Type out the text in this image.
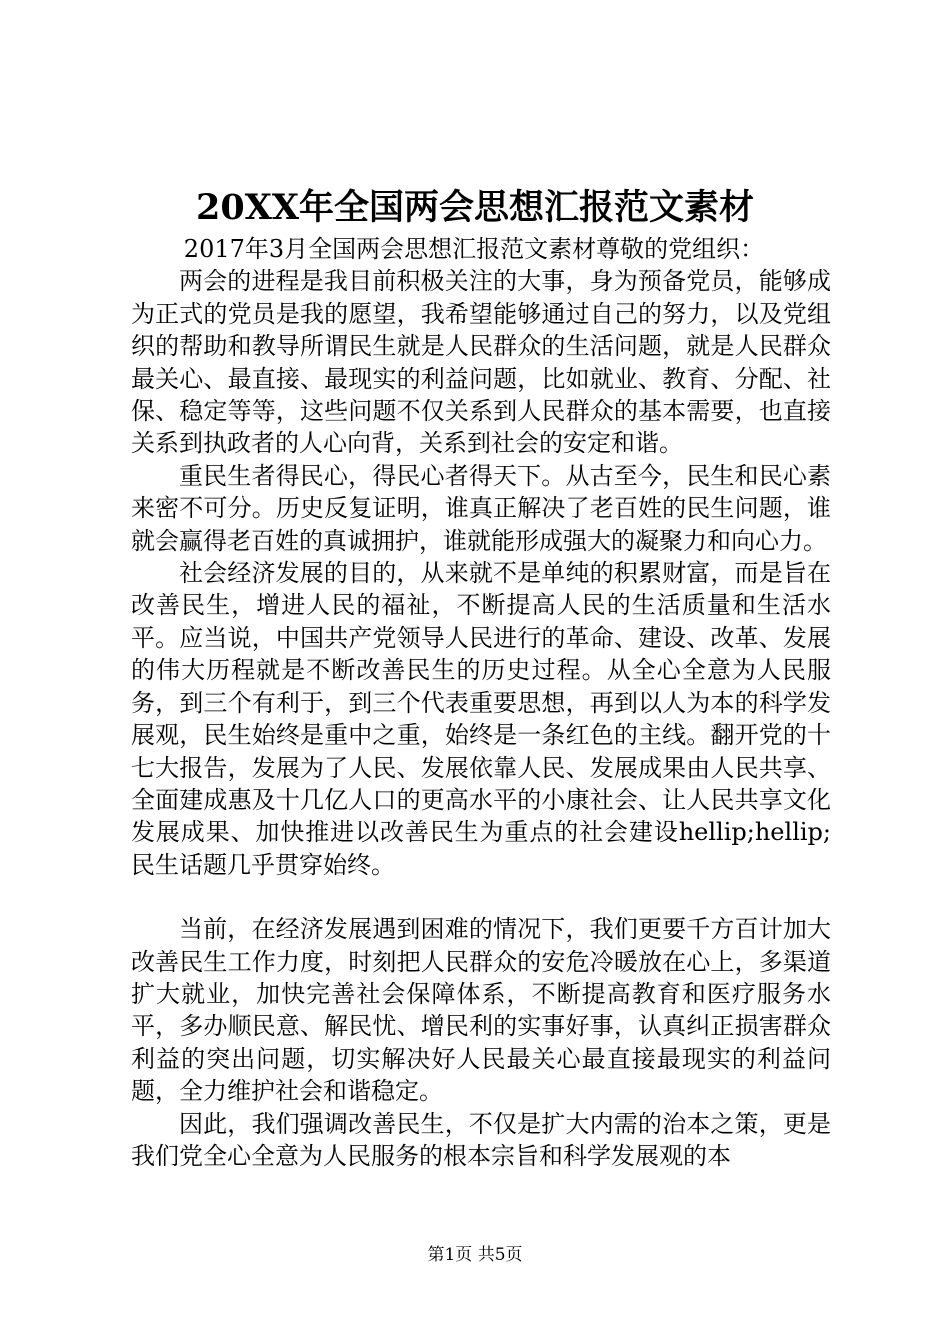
20XX年全国两会思想汇报范文素材

2017年3月全国两会思想汇报范文素材尊敬的党组织：

两会的进程是我目前积极关注的大事，身为预备党员，能够成为正式的党员是我的愿望，我希望能够通过自己的努力，以及党组织的帮助和教导所谓民生就是人民群众的生活问题，就是人民群众最关心、最直接、最现实的利益问题，比如就业、教育、分配、社保、稳定等等，这些问题不仅关系到人民群众的基本需要，也直接关系到执政者的人心向背，关系到社会的安定和谐。

重民生者得民心，得民心者得天下。从古至今，民生和民心素来密不可分。历史反复证明，谁真正解决了老百姓的民生问题，谁就会赢得老百姓的真诚拥护，谁就能形成强大的凝聚力和向心力。

社会经济发展的目的，从来就不是单纯的积累财富，而是旨在改善民生，增进人民的福祉，不断提高人民的生活质量和生活水平。应当说，中国共产党领导人民进行的革命、建设、改革、发展的伟大历程就是不断改善民生的历史过程。从全心全意为人民服务，到三个有利于，到三个代表重要思想，再到以人为本的科学发展观，民生始终是重中之重，始终是一条红色的主线。翻开党的十七大报告，发展为了人民、发展依靠人民、发展成果由人民共享、全面建成惠及十几亿人口的更高水平的小康社会、让人民共享文化发展成果、加快推进以改善民生为重点的社会建设hellip;hellip;民生话题几乎贯穿始终。

当前，在经济发展遇到困难的情况下，我们更要千方百计加大改善民生工作力度，时刻把人民群众的安危冷暖放在心上，多渠道扩大就业，加快完善社会保障体系，不断提高教育和医疗服务水平，多办顺民意、解民忧、增民利的实事好事，认真纠正损害群众利益的突出问题，切实解决好人民最关心最直接最现实的利益问题，全力维护社会和谐稳定。

因此，我们强调改善民生，不仅是扩大内需的治本之策，更是我们党全心全意为人民服务的根本宗旨和科学发展观的本

第1页 共5页
